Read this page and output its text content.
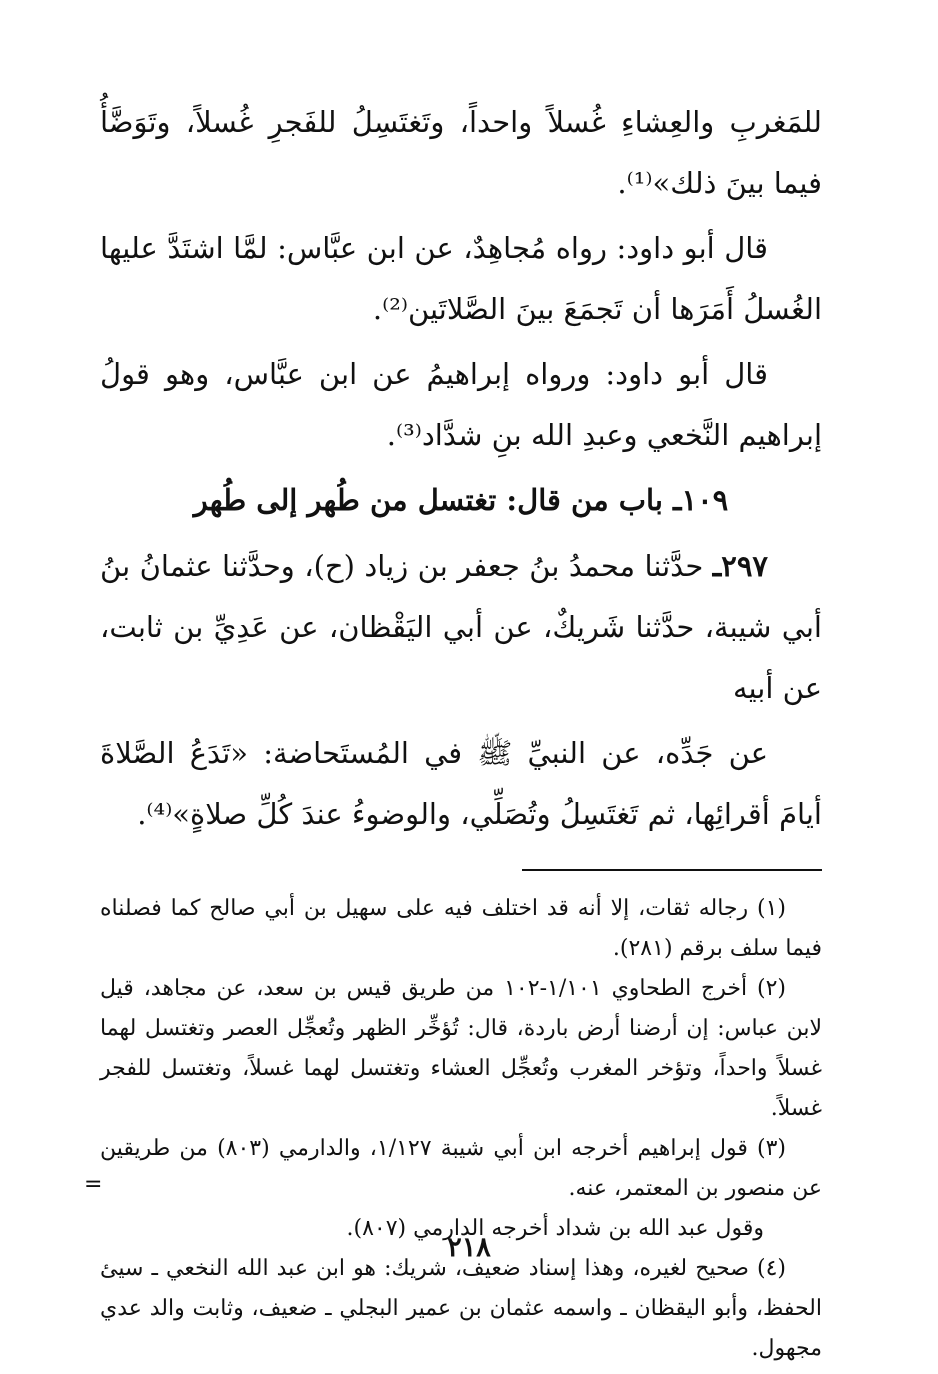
للمَغربِ والعِشاءِ غُسلاً واحداً، وتَغتَسِلُ للفَجرِ غُسلاً، وتَوَضَّأُ فيما بينَ ذلك»⁽¹⁾.

قال أبو داود: رواه مُجاهِدٌ، عن ابن عبَّاس: لمَّا اشتَدَّ عليها الغُسلُ أَمَرَها أن تَجمَعَ بينَ الصَّلاتَين⁽²⁾.

قال أبو داود: ورواه إبراهيمُ عن ابن عبَّاس، وهو قولُ إبراهيم النَّخعي وعبدِ الله بنِ شدَّاد⁽³⁾.

١٠٩ـ باب من قال: تغتسل من طُهر إلى طُهر

٢٩٧ـ حدَّثنا محمدُ بنُ جعفر بن زياد (ح)، وحدَّثنا عثمانُ بنُ أبي شيبة، حدَّثنا شَريكٌ، عن أبي اليَقْظان، عن عَدِيِّ بن ثابت، عن أبيه

عن جَدِّه، عن النبيِّ ﷺ في المُستَحاضة: «تَدَعُ الصَّلاةَ أيامَ أقرائِها، ثم تَغتَسِلُ وتُصَلِّي، والوضوءُ عندَ كُلِّ صلاةٍ»⁽⁴⁾.

(١) رجاله ثقات، إلا أنه قد اختلف فيه على سهيل بن أبي صالح كما فصلناه فيما سلف برقم (٢٨١).

(٢) أخرج الطحاوي ١/١٠١-١٠٢ من طريق قيس بن سعد، عن مجاهد، قيل لابن عباس: إن أرضنا أرض باردة، قال: تُؤخِّر الظهر وتُعجِّل العصر وتغتسل لهما غسلاً واحداً، وتؤخر المغرب وتُعجِّل العشاء وتغتسل لهما غسلاً، وتغتسل للفجر غسلاً.

(٣) قول إبراهيم أخرجه ابن أبي شيبة ١/١٢٧، والدارمي (٨٠٣) من طريقين عن منصور بن المعتمر، عنه.

وقول عبد الله بن شداد أخرجه الدارمي (٨٠٧).

(٤) صحيح لغيره، وهذا إسناد ضعيف، شريك: هو ابن عبد الله النخعي ـ سيئ الحفظ، وأبو اليقظان ـ واسمه عثمان بن عمير البجلي ـ ضعيف، وثابت والد عدي مجهول.

=
٢١٨
